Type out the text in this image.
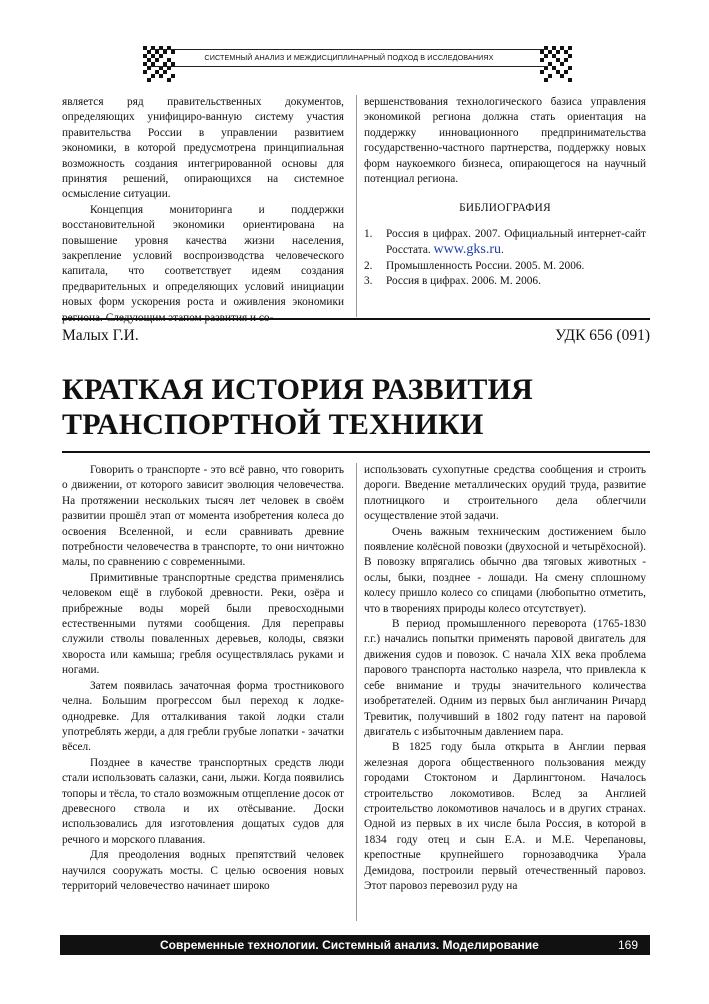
СИСТЕМНЫЙ АНАЛИЗ И МЕЖДИСЦИПЛИНАРНЫЙ ПОДХОД В ИССЛЕДОВАНИЯХ

является ряд правительственных документов, определяющих унифициро-ванную систему участия правительства России в управлении развитием экономики, в которой предусмотрена принципиальная возможность создания интегрированной основы для принятия решений, опирающихся на системное осмысление ситуации.

Концепция мониторинга и поддержки восстановительной экономики ориентирована на повышение уровня качества жизни населения, закрепление условий воспроизводства человеческого капитала, что соответствует идеям создания предварительных и определяющих условий инициации новых форм ускорения роста и оживления экономики

вершенствования технологического базиса управления экономикой региона должна стать ориентация на поддержку инновационного предпринимательства государственно-частного партнерства, поддержку новых форм наукоемкого бизнеса, опирающегося на научный потенциал региона.

БИБЛИОГРАФИЯ
1. Россия в цифрах. 2007. Официальный интернет-сайт Росстата. www.gks.ru.
2. Промышленность России. 2005. М. 2006.
3. Россия в цифрах. 2006. М. 2006.
Малых Г.И.	УДК 656 (091)
КРАТКАЯ ИСТОРИЯ РАЗВИТИЯ
ТРАНСПОРТНОЙ ТЕХНИКИ

Говорить о транспорте - это всё равно, что говорить о движении, от которого зависит эволюция человечества. На протяжении нескольких тысяч лет человек в своём развитии прошёл этап от момента изобретения колеса до освоения Вселенной, и если сравнивать древние потребности человечества в транспорте, то они ничтожно малы, по сравнению с современными.

Примитивные транспортные средства применялись человеком ещё в глубокой древности. Реки, озёра и прибрежные воды морей были превосходными естественными путями сообщения. Для переправы служили стволы поваленных деревьев, колоды, связки хвороста или камыша; гребля осуществлялась руками и ногами.

Затем появилась зачаточная форма тростникового челна. Большим прогрессом был переход к лодке-однодревке. Для отталкивания такой лодки стали употреблять жерди, а для гребли грубые лопатки - зачатки вёсел.

Позднее в качестве транспортных средств люди стали использовать салазки, сани, лыжи. Когда появились топоры и тёсла, то стало возможным отщепление досок от древесного ствола и их отёсывание. Доски использовались для изготовления дощатых судов для речного и морского плавания.

Для преодоления водных препятствий человек научился сооружать мосты. С целью освоения новых территорий человечество начинает широко

использовать сухопутные средства сообщения и строить дороги. Введение металлических орудий труда, развитие плотницкого и строительного дела облегчили осуществление этой задачи.

Очень важным техническим достижением было появление колёсной повозки (двухосной и четырёхосной). В повозку впрягались обычно два тяговых животных - ослы, быки, позднее - лошади. На смену сплошному колесу пришло колесо со спицами (любопытно отметить, что в творениях природы колесо отсутствует).

В период промышленного переворота (1765-1830 г.г.) начались попытки применять паровой двигатель для движения судов и повозок. С начала XIX века проблема парового транспорта настолько назрела, что привлекла к себе внимание и труды значительного количества изобретателей. Одним из первых был англичанин Ричард Тревитик, получивший в 1802 году патент на паровой двигатель с избыточным давлением пара.

В 1825 году была открыта в Англии первая железная дорога общественного пользования между городами Стоктоном и Дарлингтоном. Началось строительство локомотивов. Вслед за Англией строительство локомотивов началось и в других странах. Одной из первых в их числе была Россия, в которой в 1834 году отец и сын Е.А. и М.Е. Черепановы, крепостные крупнейшего горнозаводчика Урала Демидова, построили первый отечественный паровоз. Этот паровоз перевозил руду на

Современные технологии. Системный анализ. Моделирование	169
